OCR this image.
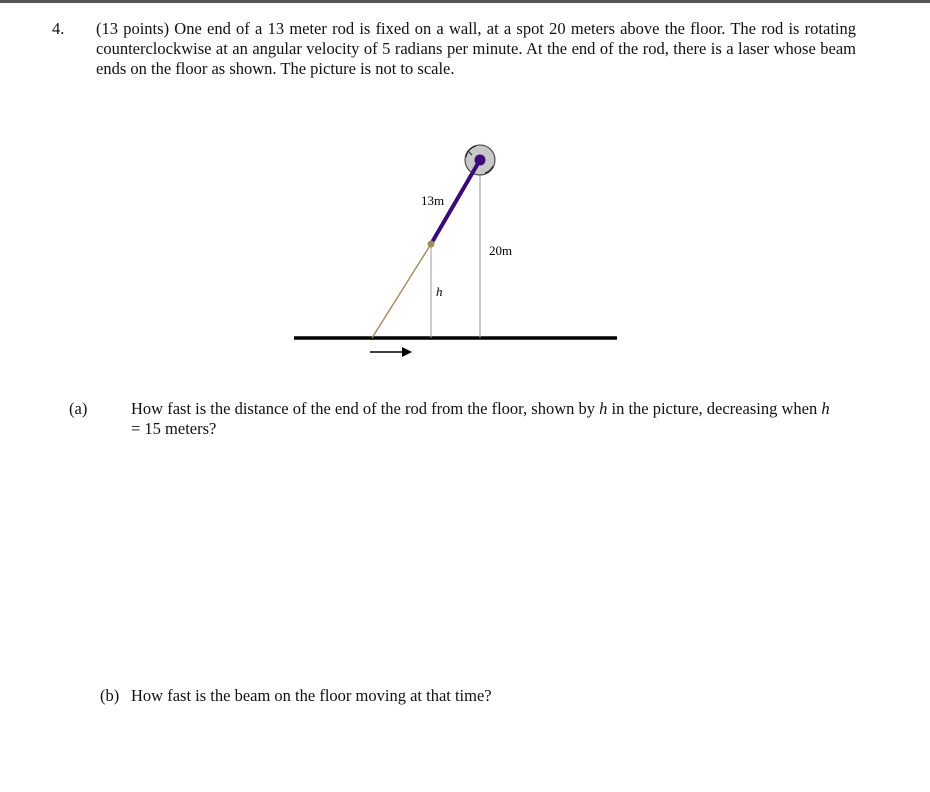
4. (13 points) One end of a 13 meter rod is fixed on a wall, at a spot 20 meters above the floor. The rod is rotating counterclockwise at an angular velocity of 5 radians per minute. At the end of the rod, there is a laser whose beam ends on the floor as shown. The picture is not to scale.
13m
20m
h
(a)	How fast is the distance of the end of the rod from the floor, shown by h in the picture, decreasing when h = 15 meters?
(b) How fast is the beam on the floor moving at that time?
